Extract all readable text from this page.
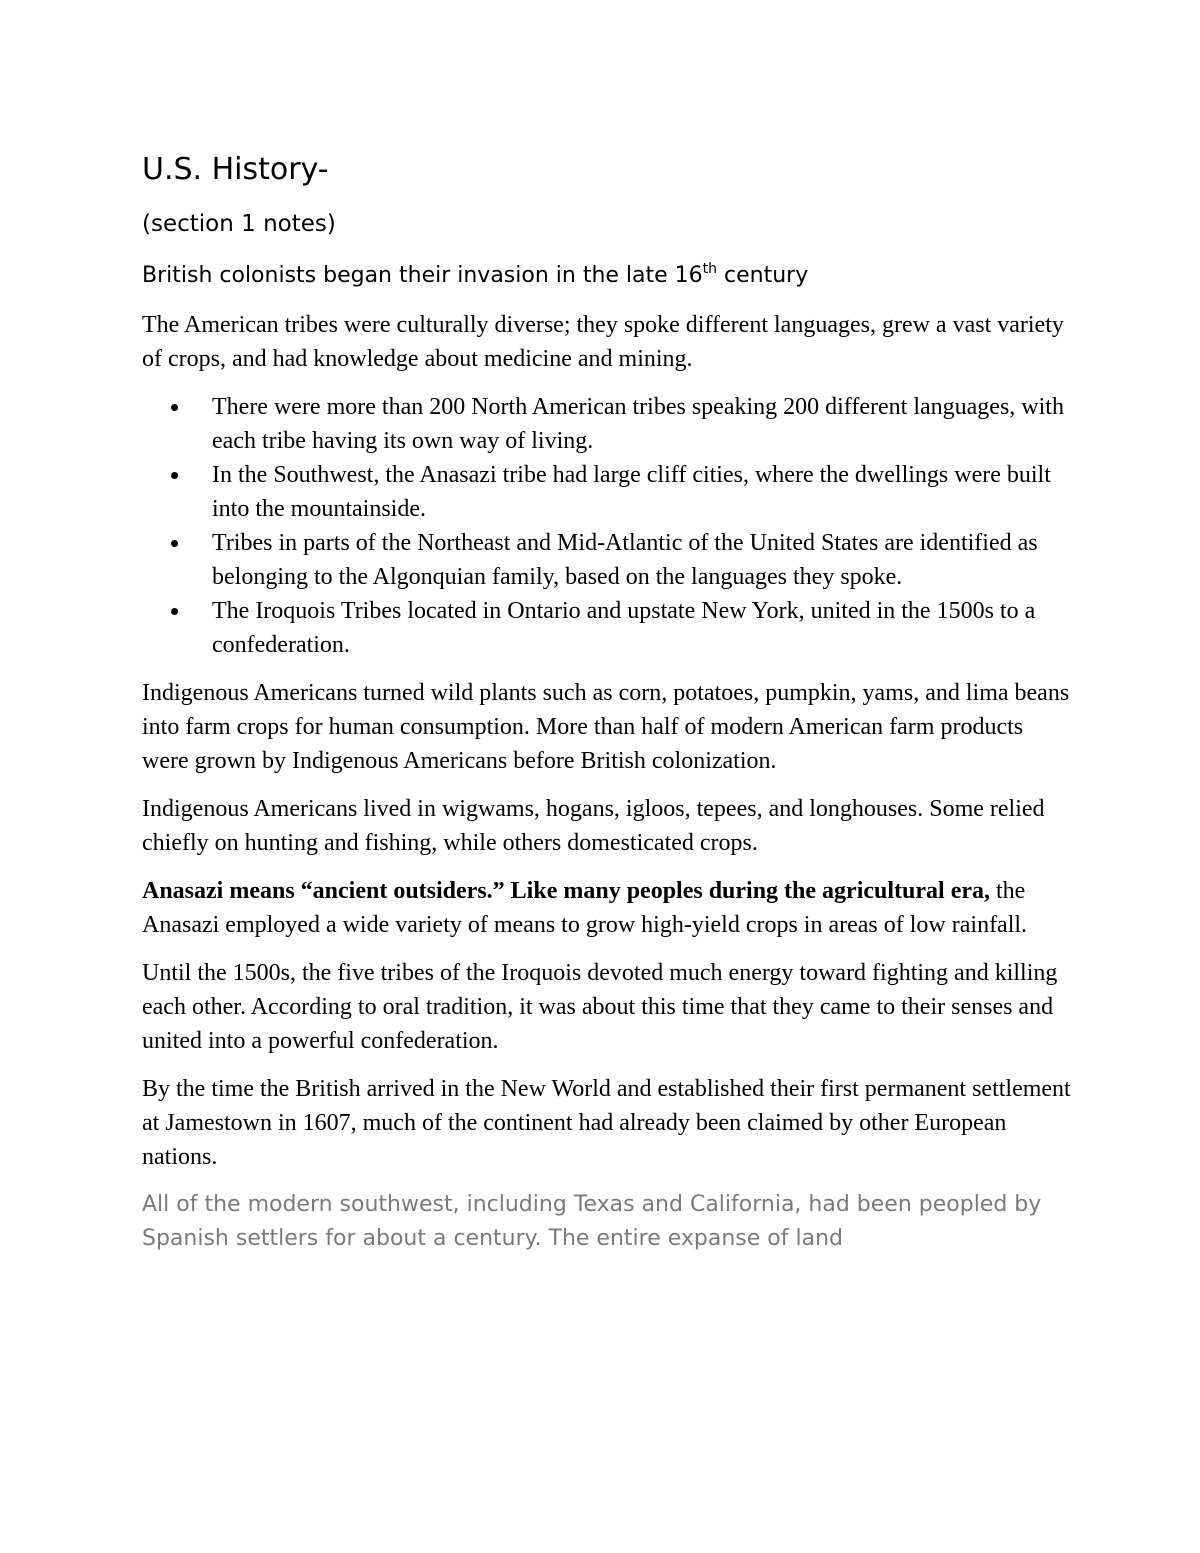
U.S. History-
(section 1 notes)
British colonists began their invasion in the late 16th century

The American tribes were culturally diverse; they spoke different languages, grew a vast variety of crops, and had knowledge about medicine and mining.

There were more than 200 North American tribes speaking 200 different languages, with each tribe having its own way of living.
In the Southwest, the Anasazi tribe had large cliff cities, where the dwellings were built into the mountainside.
Tribes in parts of the Northeast and Mid-Atlantic of the United States are identified as belonging to the Algonquian family, based on the languages they spoke.
The Iroquois Tribes located in Ontario and upstate New York, united in the 1500s to a confederation.

Indigenous Americans turned wild plants such as corn, potatoes, pumpkin, yams, and lima beans into farm crops for human consumption. More than half of modern American farm products were grown by Indigenous Americans before British colonization.

Indigenous Americans lived in wigwams, hogans, igloos, tepees, and longhouses. Some relied chiefly on hunting and fishing, while others domesticated crops.

Anasazi means “ancient outsiders.” Like many peoples during the agricultural era, the Anasazi employed a wide variety of means to grow high-yield crops in areas of low rainfall.

Until the 1500s, the five tribes of the Iroquois devoted much energy toward fighting and killing each other. According to oral tradition, it was about this time that they came to their senses and united into a powerful confederation.

By the time the British arrived in the New World and established their first permanent settlement at Jamestown in 1607, much of the continent had already been claimed by other European nations.

All of the modern southwest, including Texas and California, had been peopled by Spanish settlers for about a century. The entire expanse of land
